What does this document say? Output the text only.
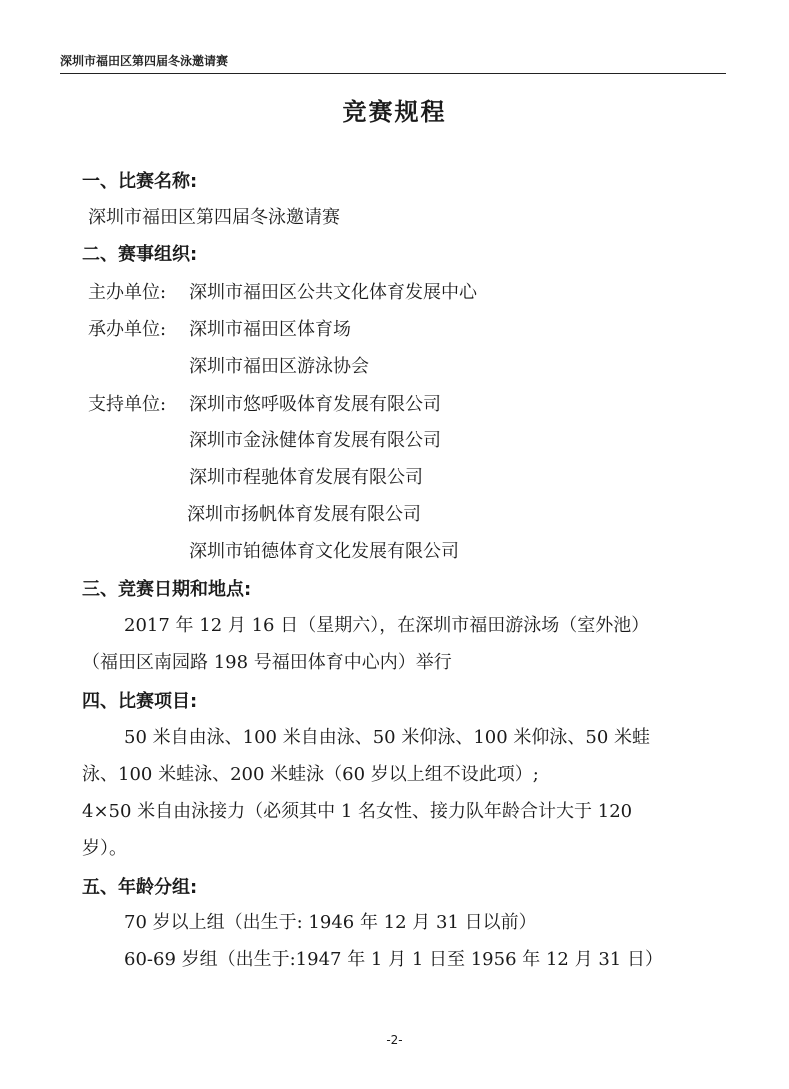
深圳市福田区第四届冬泳邀请赛
竞赛规程
一、比赛名称:
深圳市福田区第四届冬泳邀请赛
二、赛事组织:
主办单位: 深圳市福田区公共文化体育发展中心
承办单位: 深圳市福田区体育场
深圳市福田区游泳协会
支持单位: 深圳市悠呼吸体育发展有限公司
深圳市金泳健体育发展有限公司
深圳市程驰体育发展有限公司
深圳市扬帆体育发展有限公司
深圳市铂德体育文化发展有限公司
三、竞赛日期和地点:
2017 年 12 月 16 日（星期六），在深圳市福田游泳场（室外池）
（福田区南园路 198 号福田体育中心内）举行
四、比赛项目:
50 米自由泳、100 米自由泳、50 米仰泳、100 米仰泳、50 米蛙
泳、100 米蛙泳、200 米蛙泳（60 岁以上组不设此项）;
4×50 米自由泳接力（必须其中 1 名女性、接力队年龄合计大于 120
岁）。
五、年龄分组:
70 岁以上组（出生于: 1946 年 12 月 31 日以前）
60-69 岁组（出生于:1947 年 1 月 1 日至 1956 年 12 月 31 日）
-2-
